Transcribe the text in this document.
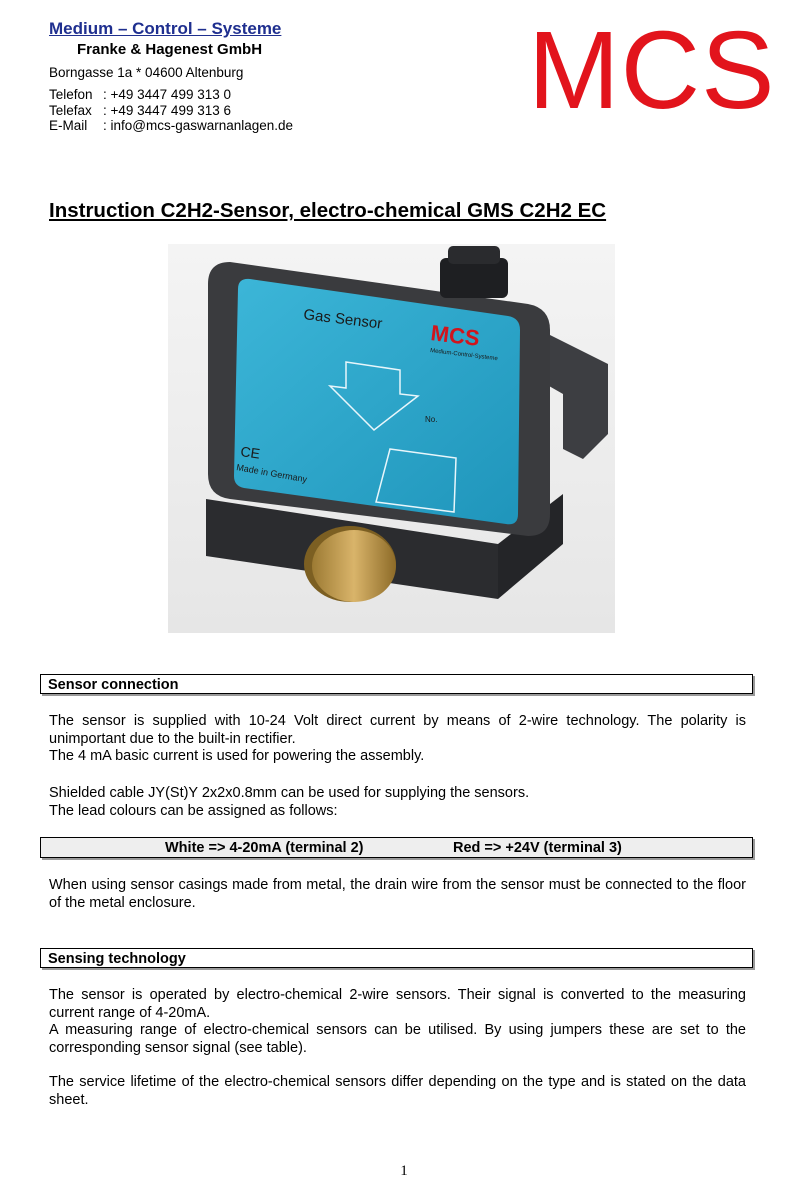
Medium – Control – Systeme
Franke & Hagenest GmbH
Borngasse 1a * 04600 Altenburg
Telefon : +49 3447 499 313 0
Telefax : +49 3447 499 313 6
E-Mail : info@mcs-gaswarnanlagen.de MCS
Instruction C2H2-Sensor, electro-chemical GMS C2H2 EC
Gas Sensor
MCS
Medium-Control-Systeme
CE
Made in Germany
No.
Sensor connection
The sensor is supplied with 10-24 Volt direct current by means of 2-wire technology. The polarity is unimportant due to the built-in rectifier.
The 4 mA basic current is used for powering the assembly.
Shielded cable JY(St)Y 2x2x0.8mm can be used for supplying the sensors.
The lead colours can be assigned as follows:
White => 4-20mA (terminal 2)	Red => +24V (terminal 3)
When using sensor casings made from metal, the drain wire from the sensor must be connected to the floor of the metal enclosure.
Sensing technology
The sensor is operated by electro-chemical 2-wire sensors. Their signal is converted to the measuring current range of 4-20mA.
A measuring range of electro-chemical sensors can be utilised. By using jumpers these are set to the corresponding sensor signal (see table).
The service lifetime of the electro-chemical sensors differ depending on the type and is stated on the data sheet.
1
